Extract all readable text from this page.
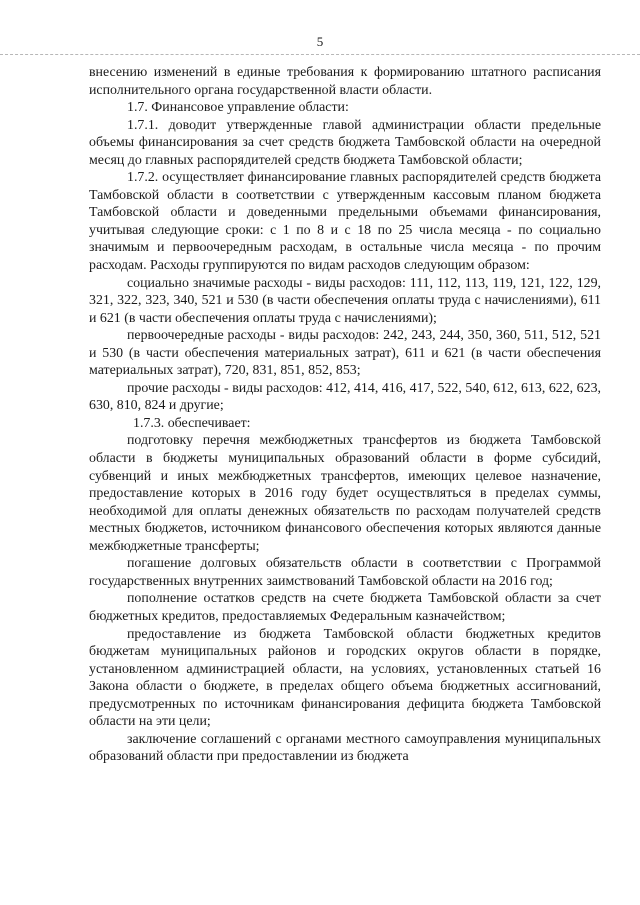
5

внесению изменений в единые требования к формированию штатного расписания исполнительного органа государственной власти области.

1.7. Финансовое управление области:

1.7.1. доводит утвержденные главой администрации области предельные объемы финансирования за счет средств бюджета Тамбовской области на очередной месяц до главных распорядителей средств бюджета Тамбовской области;

1.7.2. осуществляет финансирование главных распорядителей средств бюджета Тамбовской области в соответствии с утвержденным кассовым планом бюджета Тамбовской области и доведенными предельными объемами финансирования, учитывая следующие сроки: с 1 по 8 и с 18 по 25 числа месяца - по социально значимым и первоочередным расходам, в остальные числа месяца - по прочим расходам. Расходы группируются по видам расходов следующим образом:

социально значимые расходы - виды расходов: 111, 112, 113, 119, 121, 122, 129, 321, 322, 323, 340, 521 и 530 (в части обеспечения оплаты труда с начислениями), 611 и 621 (в части обеспечения оплаты труда с начислениями);

первоочередные расходы - виды расходов: 242, 243, 244, 350, 360, 511, 512, 521 и 530 (в части обеспечения материальных затрат), 611 и 621 (в части обеспечения материальных затрат), 720, 831, 851, 852, 853;

прочие расходы - виды расходов: 412, 414, 416, 417, 522, 540, 612, 613, 622, 623, 630, 810, 824 и другие;

1.7.3. обеспечивает:

подготовку перечня межбюджетных трансфертов из бюджета Тамбовской области в бюджеты муниципальных образований области в форме субсидий, субвенций и иных межбюджетных трансфертов, имеющих целевое назначение, предоставление которых в 2016 году будет осуществляться в пределах суммы, необходимой для оплаты денежных обязательств по расходам получателей средств местных бюджетов, источником финансового обеспечения которых являются данные межбюджетные трансферты;

погашение долговых обязательств области в соответствии с Программой государственных внутренних заимствований Тамбовской области на 2016 год;

пополнение остатков средств на счете бюджета Тамбовской области за счет бюджетных кредитов, предоставляемых Федеральным казначейством;

предоставление из бюджета Тамбовской области бюджетных кредитов бюджетам муниципальных районов и городских округов области в порядке, установленном администрацией области, на условиях, установленных статьей 16 Закона области о бюджете, в пределах общего объема бюджетных ассигнований, предусмотренных по источникам финансирования дефицита бюджета Тамбовской области на эти цели;

заключение соглашений с органами местного самоуправления муниципальных образований области при предоставлении из бюджета
